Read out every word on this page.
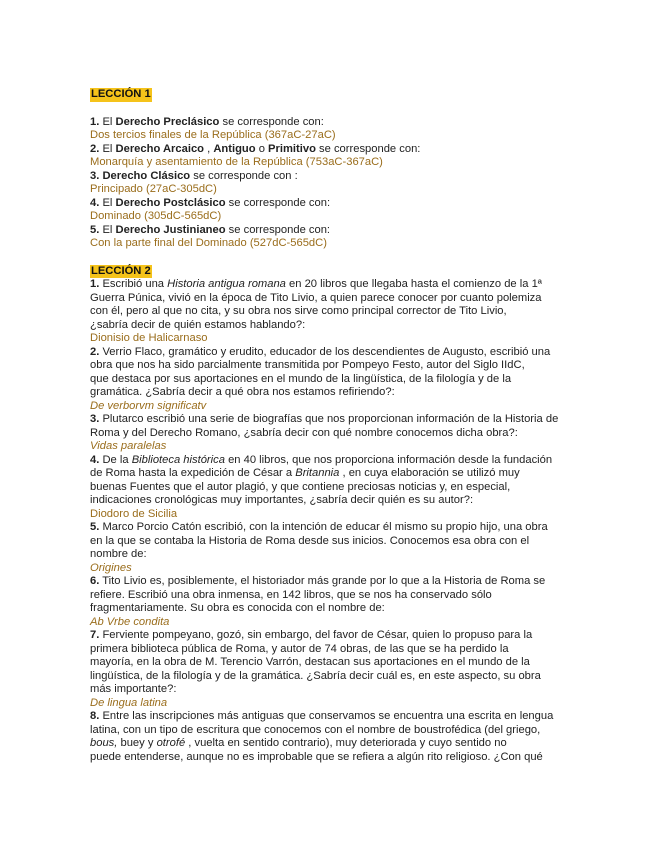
LECCIÓN 1

1. El Derecho Preclásico se corresponde con:

Dos tercios finales de la República (367aC-27aC)

2. El Derecho Arcaico , Antiguo o Primitivo se corresponde con:

Monarquía y asentamiento de la República (753aC-367aC)

3. Derecho Clásico se corresponde con :

Principado (27aC-305dC)

4. El Derecho Postclásico se corresponde con:

Dominado (305dC-565dC)

5. El Derecho Justinianeo se corresponde con:

Con la parte final del Dominado (527dC-565dC)

LECCIÓN 2

1. Escribió una Historia antigua romana en 20 libros que llegaba hasta el comienzo de la 1ª

Guerra Púnica, vivió en la época de Tito Livio, a quien parece conocer por cuanto polemiza

con él, pero al que no cita, y su obra nos sirve como principal corrector de Tito Livio,

¿sabría decir de quién estamos hablando?:

Dionisio de Halicarnaso

2. Verrio Flaco, gramático y erudito, educador de los descendientes de Augusto, escribió una

obra que nos ha sido parcialmente transmitida por Pompeyo Festo, autor del Siglo IIdC,

que destaca por sus aportaciones en el mundo de la lingüística, de la filología y de la

gramática. ¿Sabría decir a qué obra nos estamos refiriendo?:

De verborvm significatv

3. Plutarco escribió una serie de biografías que nos proporcionan información de la Historia de

Roma y del Derecho Romano, ¿sabría decir con qué nombre conocemos dicha obra?:

Vidas paralelas

4. De la Biblioteca histórica en 40 libros, que nos proporciona información desde la fundación

de Roma hasta la expedición de César a Britannia , en cuya elaboración se utilizó muy

buenas Fuentes que el autor plagió, y que contiene preciosas noticias y, en especial,

indicaciones cronológicas muy importantes, ¿sabría decir quién es su autor?:

Diodoro de Sicilia

5. Marco Porcio Catón escribió, con la intención de educar él mismo su propio hijo, una obra

en la que se contaba la Historia de Roma desde sus inicios. Conocemos esa obra con el

nombre de:

Origines

6. Tito Livio es, posiblemente, el historiador más grande por lo que a la Historia de Roma se

refiere. Escribió una obra inmensa, en 142 libros, que se nos ha conservado sólo

fragmentariamente. Su obra es conocida con el nombre de:

Ab Vrbe condita

7. Ferviente pompeyano, gozó, sin embargo, del favor de César, quien lo propuso para la

primera biblioteca pública de Roma, y autor de 74 obras, de las que se ha perdido la

mayoría, en la obra de M. Terencio Varrón, destacan sus aportaciones en el mundo de la

lingüística, de la filología y de la gramática. ¿Sabría decir cuál es, en este aspecto, su obra

más importante?:

De lingua latina

8. Entre las inscripciones más antiguas que conservamos se encuentra una escrita en lengua

latina, con un tipo de escritura que conocemos con el nombre de boustrofédica (del griego,

bous, buey y otrofé , vuelta en sentido contrario), muy deteriorada y cuyo sentido no

puede entenderse, aunque no es improbable que se refiera a algún rito religioso. ¿Con qué
